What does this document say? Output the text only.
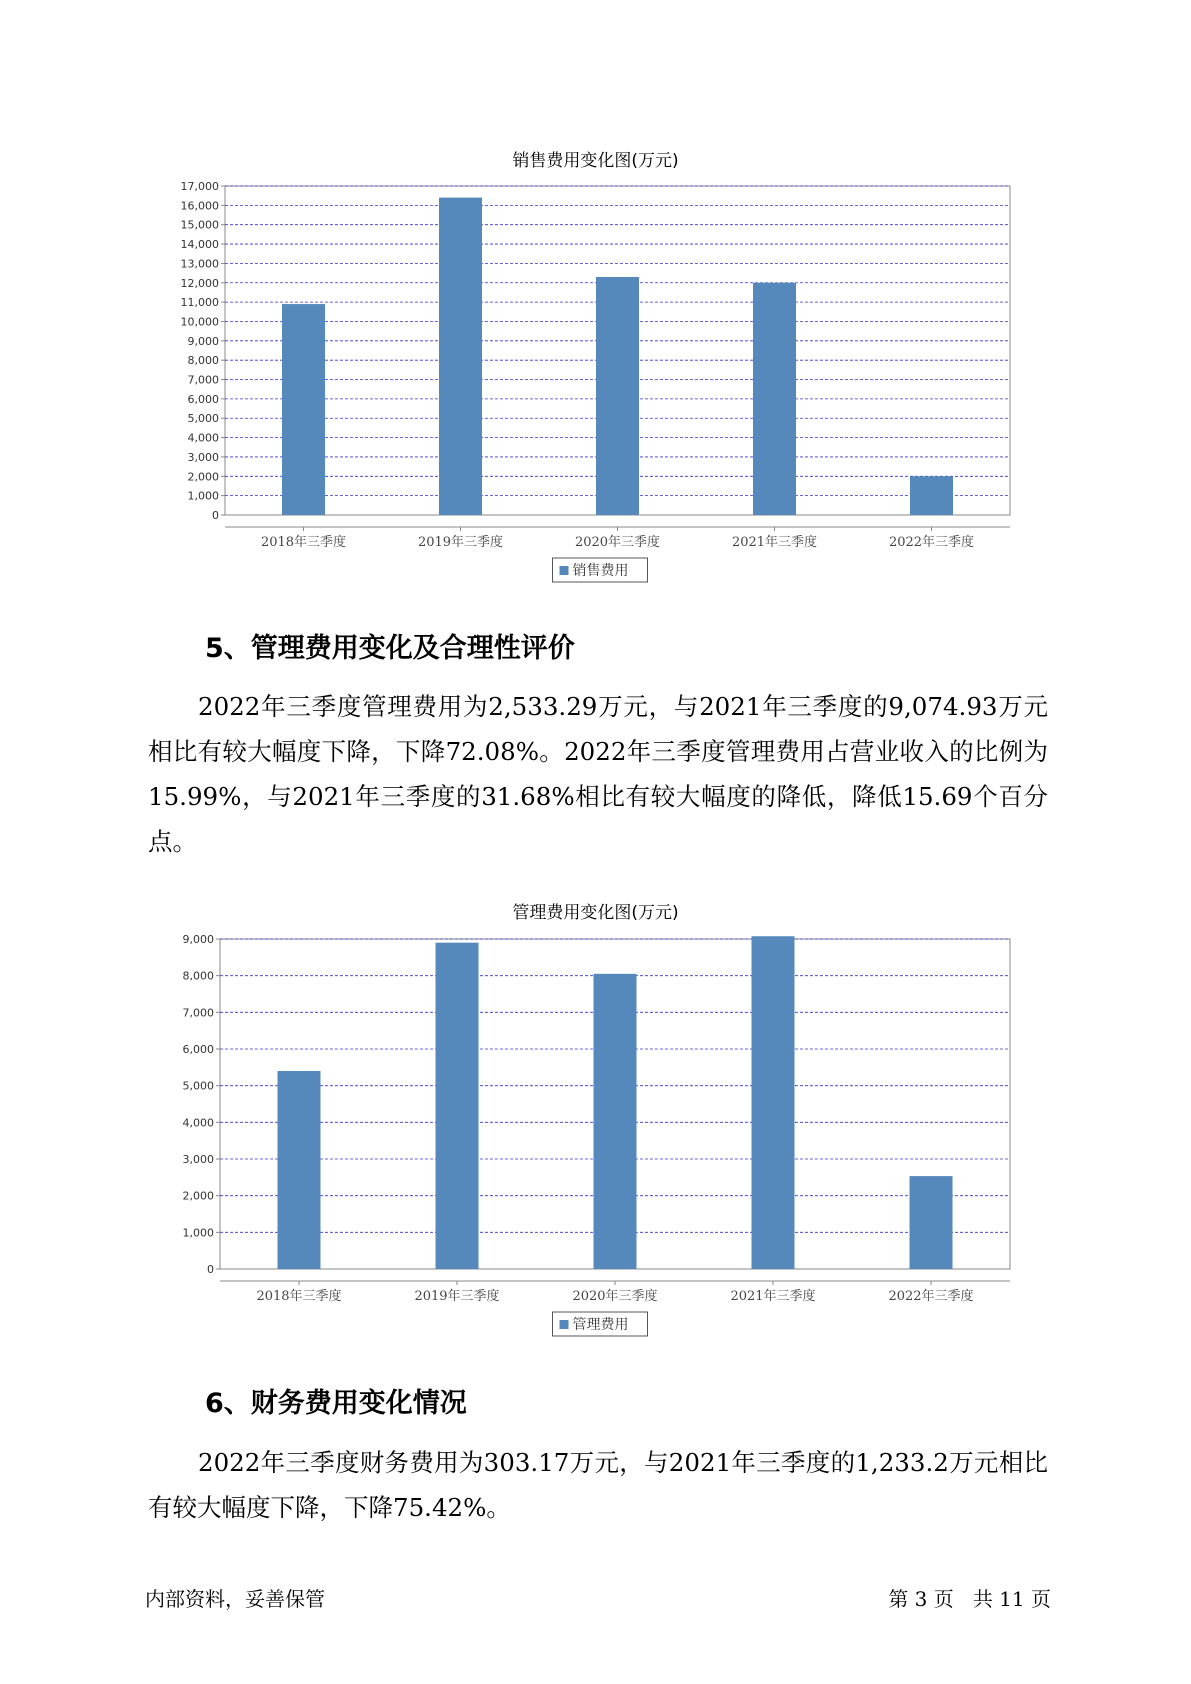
销售费用变化图(万元)
0
1,000
2,000
3,000
4,000
5,000
6,000
7,000
8,000
9,000
10,000
11,000
12,000
13,000
14,000
15,000
16,000
17,000
2018年三季度	2019年三季度	2020年三季度	2021年三季度	2022年三季度
销售费用
5、管理费用变化及合理性评价

2022年三季度管理费用为2,533.29万元，与2021年三季度的9,074.93万元相比有较大幅度下降，下降72.08%。2022年三季度管理费用占营业收入的比例为15.99%，与2021年三季度的31.68%相比有较大幅度的降低，降低15.69个百分点。

管理费用变化图(万元)
0
1,000
2,000
3,000
4,000
5,000
6,000
7,000
8,000
9,000
2018年三季度	2019年三季度	2020年三季度	2021年三季度	2022年三季度
管理费用
6、财务费用变化情况

2022年三季度财务费用为303.17万元，与2021年三季度的1,233.2万元相比有较大幅度下降，下降75.42%。

内部资料，妥善保管	第 3 页   共 11 页
